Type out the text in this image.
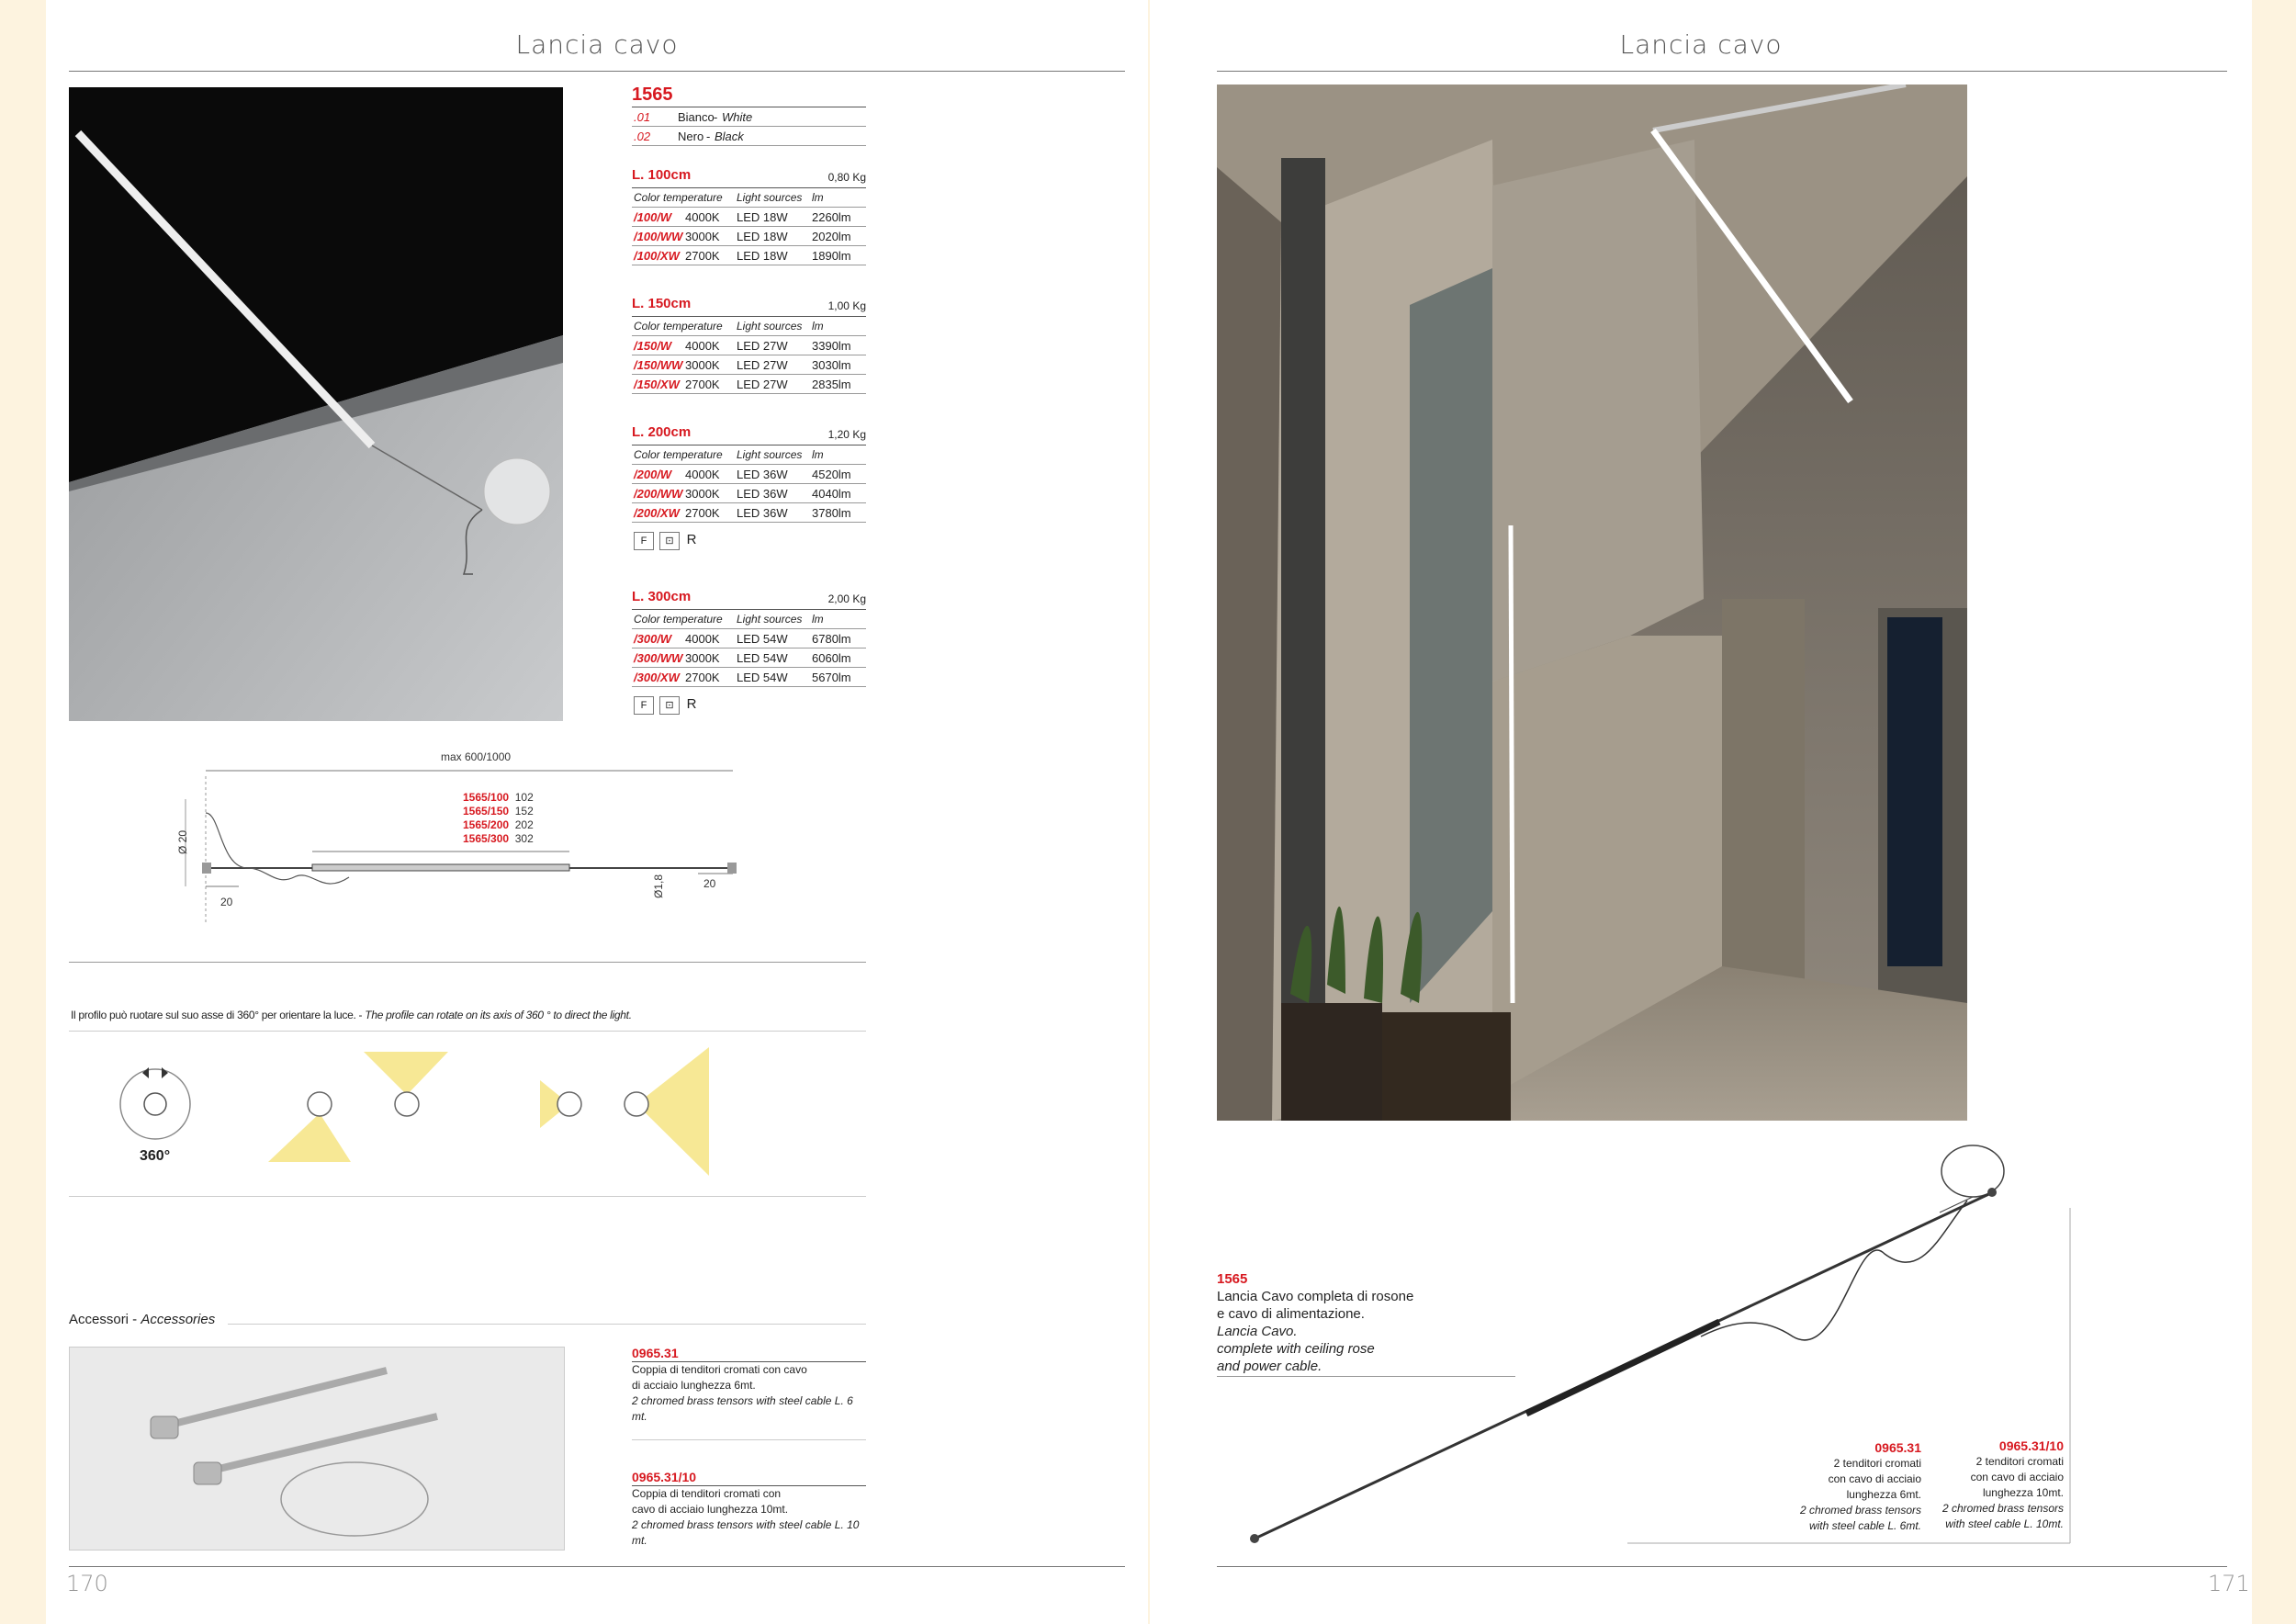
Lancia cavo
1565
.01 Bianco - White
.02 Nero - Black
L. 100cm	0,80 Kg
Color temperature Light sources lm
/100/W 4000K LED 18W 2260lm
/100/WW 3000K LED 18W 2020lm
/100/XW 2700K LED 18W 1890lm
L. 150cm	1,00 Kg
Color temperature Light sources lm
/150/W 4000K LED 27W 3390lm
/150/WW 3000K LED 27W 3030lm
/150/XW 2700K LED 27W 2835lm
L. 200cm	1,20 Kg
Color temperature Light sources lm
/200/W 4000K LED 36W 4520lm
/200/WW 3000K LED 36W 4040lm
/200/XW 2700K LED 36W 3780lm
F	⊡ R
L. 300cm	2,00 Kg
Color temperature Light sources lm
/300/W 4000K LED 54W 6780lm
/300/WW 3000K LED 54W 6060lm
/300/XW 2700K LED 54W 5670lm
F	⊡ R
max 600/1000
1565/100 102
1565/150 152
1565/200 202
1565/300 302
Ø 20
Ø1,8
20
20
Il profilo può ruotare sul suo asse di 360° per orientare la luce. - The profile can rotate on its axis of 360 ° to direct the light.
360°
Accessori - Accessories
0965.31
Coppia di tenditori cromati con cavo
di acciaio lunghezza 6mt.
2 chromed brass tensors with steel cable L. 6 mt.
0965.31/10
Coppia di tenditori cromati con
cavo di acciaio lunghezza 10mt.
2 chromed brass tensors with steel cable L. 10 mt.
170
Lancia cavo
1565
Lancia Cavo completa di rosone
e cavo di alimentazione.
Lancia Cavo.
complete with ceiling rose
and power cable.
0965.31
2 tenditori cromati
con cavo di acciaio
lunghezza 6mt.
2 chromed brass tensors
with steel cable L. 6mt.
0965.31/10
2 tenditori cromati
con cavo di acciaio
lunghezza 10mt.
2 chromed brass tensors
with steel cable L. 10mt.
171
